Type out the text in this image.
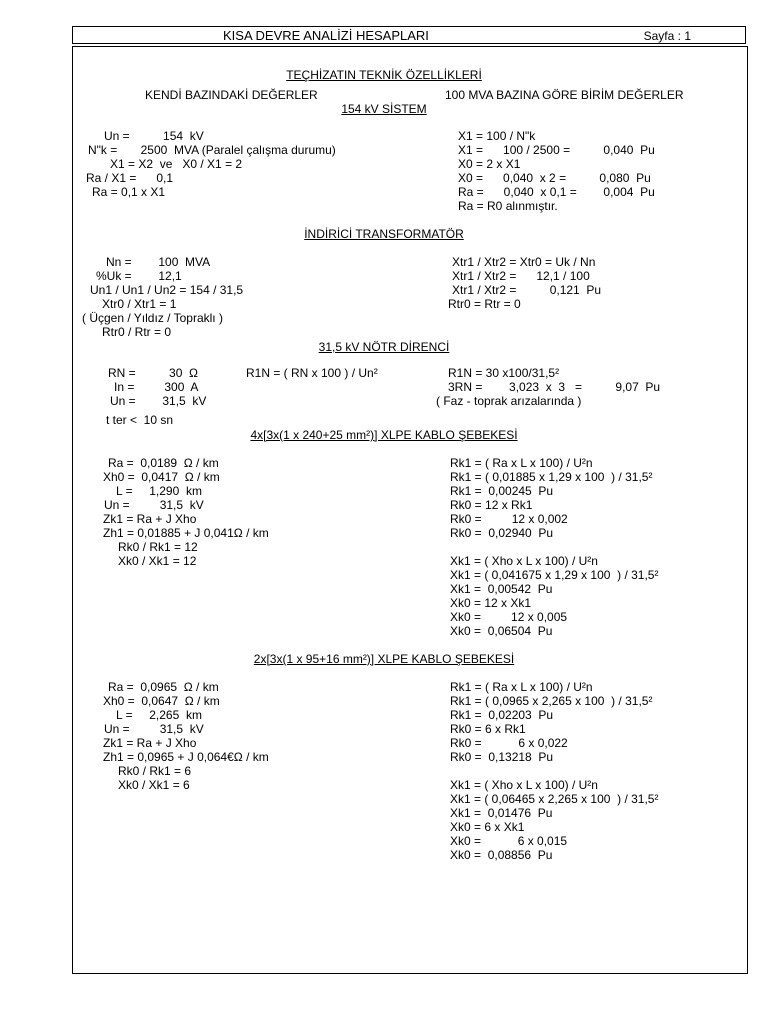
KISA DEVRE ANALİZİ HESAPLARI	Sayfa : 1
TEÇHİZATIN TEKNİK ÖZELLİKLERİ
KENDİ BAZINDAKİ DEĞERLER	100 MVA BAZINA GÖRE BİRİM DEĞERLER
154 kV SİSTEM
Un =          154  kV
N"k =       2500  MVA (Paralel çalışma durumu)
X1 = X2  ve   X0 / X1 = 2
Ra / X1 =      0,1
Ra = 0,1 x X1
X1 = 100 / N"k
X1 =      100 / 2500 =          0,040  Pu
X0 = 2 x X1
X0 =      0,040  x 2 =          0,080  Pu
Ra =      0,040  x 0,1 =        0,004  Pu
Ra = R0 alınmıştır.
İNDİRİCİ TRANSFORMATÖR
Nn =        100  MVA
%Uk =        12,1
Un1 / Un1 / Un2 = 154 / 31,5
Xtr0 / Xtr1 = 1
( Üçgen / Yıldız / Topraklı )
Rtr0 / Rtr = 0
Xtr1 / Xtr2 = Xtr0 = Uk / Nn
Xtr1 / Xtr2 =      12,1 / 100
Xtr1 / Xtr2 =          0,121  Pu
Rtr0 = Rtr = 0
31,5 kV NÖTR DİRENCİ
RN =          30  Ω
In =         300  A
Un =        31,5  kV
t ter <  10 sn
R1N = ( RN x 100 ) / Un²	R1N = 30 x100/31,5²
3RN =        3,023  x  3   =          9,07  Pu
( Faz - toprak arızalarında )
4x[3x(1 x 240+25 mm²)] XLPE KABLO ŞEBEKESİ
Ra =  0,0189  Ω / km
Xh0 =  0,0417  Ω / km
L =     1,290  km
Un =         31,5  kV
Zk1 = Ra + J Xho
Zh1 = 0,01885 + J 0,041Ω / km
Rk0 / Rk1 = 12
Xk0 / Xk1 = 12
Rk1 = ( Ra x L x 100) / U²n
Rk1 = ( 0,01885 x 1,29 x 100  ) / 31,5²
Rk1 =  0,00245  Pu
Rk0 = 12 x Rk1
Rk0 =         12 x 0,002
Rk0 =  0,02940  Pu
Xk1 = ( Xho x L x 100) / U²n
Xk1 = ( 0,041675 x 1,29 x 100  ) / 31,5²
Xk1 =  0,00542  Pu
Xk0 = 12 x Xk1
Xk0 =         12 x 0,005
Xk0 =  0,06504  Pu
2x[3x(1 x 95+16 mm²)] XLPE KABLO ŞEBEKESİ
Ra =  0,0965  Ω / km
Xh0 =  0,0647  Ω / km
L =     2,265  km
Un =         31,5  kV
Zk1 = Ra + J Xho
Zh1 = 0,0965 + J 0,064€Ω / km
Rk0 / Rk1 = 6
Xk0 / Xk1 = 6
Rk1 = ( Ra x L x 100) / U²n
Rk1 = ( 0,0965 x 2,265 x 100  ) / 31,5²
Rk1 =  0,02203  Pu
Rk0 = 6 x Rk1
Rk0 =           6 x 0,022
Rk0 =  0,13218  Pu
Xk1 = ( Xho x L x 100) / U²n
Xk1 = ( 0,06465 x 2,265 x 100  ) / 31,5²
Xk1 =  0,01476  Pu
Xk0 = 6 x Xk1
Xk0 =           6 x 0,015
Xk0 =  0,08856  Pu
